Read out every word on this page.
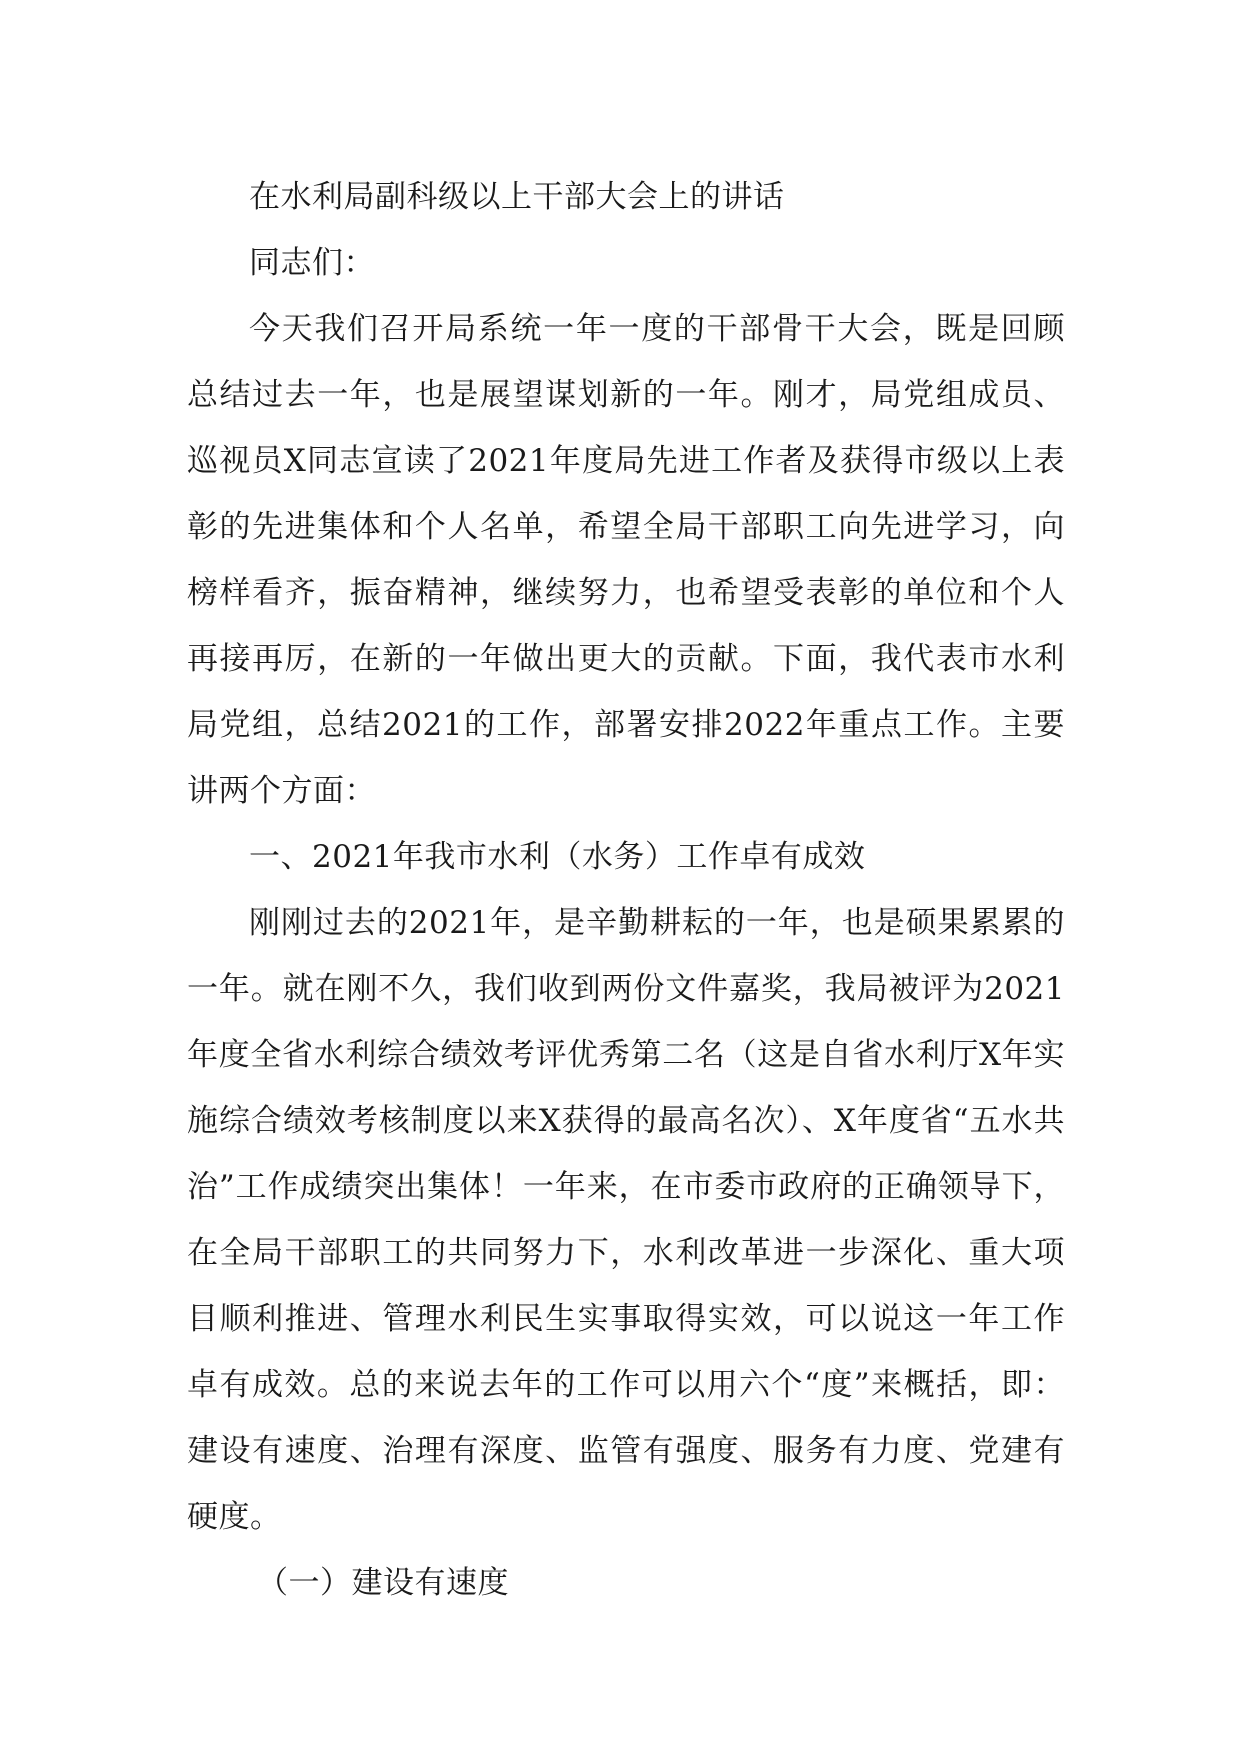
在水利局副科级以上干部大会上的讲话

同志们：

今天我们召开局系统一年一度的干部骨干大会，既是回顾总结过去一年，也是展望谋划新的一年。刚才，局党组成员、巡视员X同志宣读了2021年度局先进工作者及获得市级以上表彰的先进集体和个人名单，希望全局干部职工向先进学习，向榜样看齐，振奋精神，继续努力，也希望受表彰的单位和个人再接再厉，在新的一年做出更大的贡献。下面，我代表市水利局党组，总结2021的工作，部署安排2022年重点工作。主要讲两个方面：

一、2021年我市水利（水务）工作卓有成效

刚刚过去的2021年，是辛勤耕耘的一年，也是硕果累累的一年。就在刚不久，我们收到两份文件嘉奖，我局被评为2021年度全省水利综合绩效考评优秀第二名（这是自省水利厅X年实施综合绩效考核制度以来X获得的最高名次）、X年度省“五水共治”工作成绩突出集体！一年来，在市委市政府的正确领导下，在全局干部职工的共同努力下，水利改革进一步深化、重大项目顺利推进、管理水利民生实事取得实效，可以说这一年工作卓有成效。总的来说去年的工作可以用六个“度”来概括，即：建设有速度、治理有深度、监管有强度、服务有力度、党建有硬度。

（一）建设有速度
